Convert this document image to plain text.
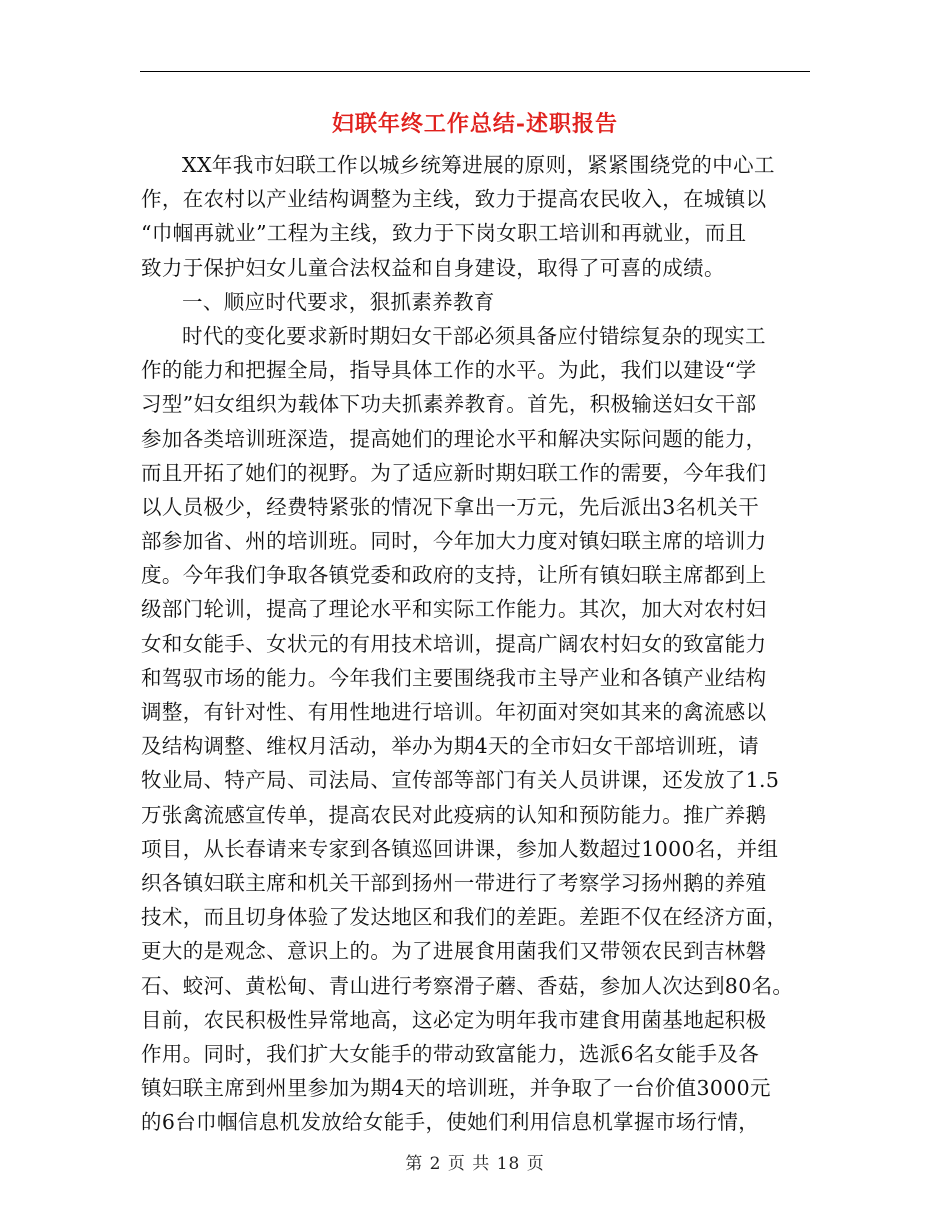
妇联年终工作总结-述职报告
XX年我市妇联工作以城乡统筹进展的原则，紧紧围绕党的中心工
作，在农村以产业结构调整为主线，致力于提高农民收入，在城镇以
“巾帼再就业”工程为主线，致力于下岗女职工培训和再就业，而且
致力于保护妇女儿童合法权益和自身建设，取得了可喜的成绩。
一、顺应时代要求，狠抓素养教育
时代的变化要求新时期妇女干部必须具备应付错综复杂的现实工
作的能力和把握全局，指导具体工作的水平。为此，我们以建设“学
习型”妇女组织为载体下功夫抓素养教育。首先，积极输送妇女干部
参加各类培训班深造，提高她们的理论水平和解决实际问题的能力，
而且开拓了她们的视野。为了适应新时期妇联工作的需要，今年我们
以人员极少，经费特紧张的情况下拿出一万元，先后派出3名机关干
部参加省、州的培训班。同时，今年加大力度对镇妇联主席的培训力
度。今年我们争取各镇党委和政府的支持，让所有镇妇联主席都到上
级部门轮训，提高了理论水平和实际工作能力。其次，加大对农村妇
女和女能手、女状元的有用技术培训，提高广阔农村妇女的致富能力
和驾驭市场的能力。今年我们主要围绕我市主导产业和各镇产业结构
调整，有针对性、有用性地进行培训。年初面对突如其来的禽流感以
及结构调整、维权月活动，举办为期4天的全市妇女干部培训班，请
牧业局、特产局、司法局、宣传部等部门有关人员讲课，还发放了1.5
万张禽流感宣传单，提高农民对此疫病的认知和预防能力。推广养鹅
项目，从长春请来专家到各镇巡回讲课，参加人数超过1000名，并组
织各镇妇联主席和机关干部到扬州一带进行了考察学习扬州鹅的养殖
技术，而且切身体验了发达地区和我们的差距。差距不仅在经济方面，
更大的是观念、意识上的。为了进展食用菌我们又带领农民到吉林磐
石、蛟河、黄松甸、青山进行考察滑子蘑、香菇，参加人次达到80名。
目前，农民积极性异常地高，这必定为明年我市建食用菌基地起积极
作用。同时，我们扩大女能手的带动致富能力，选派6名女能手及各
镇妇联主席到州里参加为期4天的培训班，并争取了一台价值3000元
的6台巾帼信息机发放给女能手，使她们利用信息机掌握市场行情，
第 2 页 共 18 页
